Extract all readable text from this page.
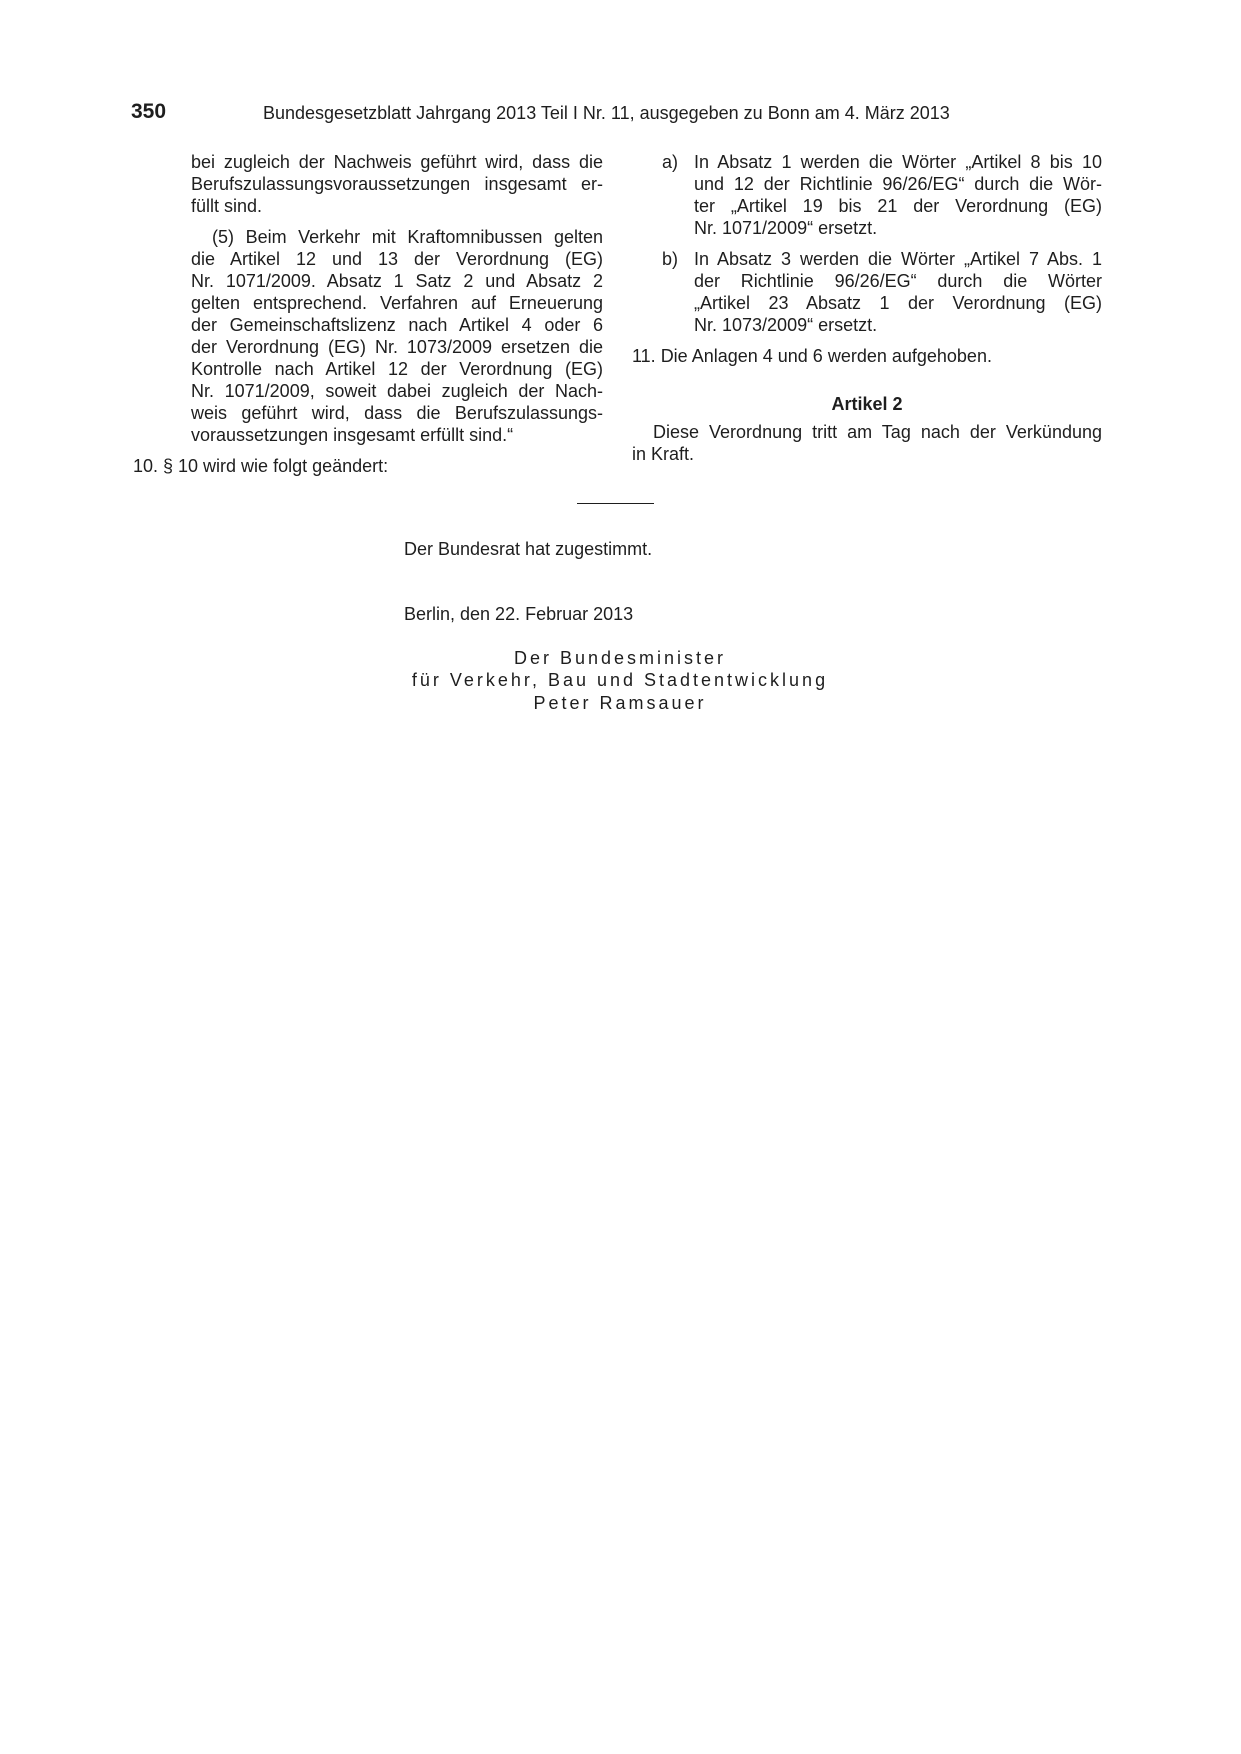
350	Bundesgesetzblatt Jahrgang 2013 Teil I Nr. 11, ausgegeben zu Bonn am 4. März 2013
bei zugleich der Nachweis geführt wird, dass die
Berufszulassungsvoraussetzungen insgesamt er-
füllt sind.
(5) Beim Verkehr mit Kraftomnibussen gelten
die Artikel 12 und 13 der Verordnung (EG)
Nr. 1071/2009. Absatz 1 Satz 2 und Absatz 2
gelten entsprechend. Verfahren auf Erneuerung
der Gemeinschaftslizenz nach Artikel 4 oder 6
der Verordnung (EG) Nr. 1073/2009 ersetzen die
Kontrolle nach Artikel 12 der Verordnung (EG)
Nr. 1071/2009, soweit dabei zugleich der Nach-
weis geführt wird, dass die Berufszulassungs-
voraussetzungen insgesamt erfüllt sind.“
10. § 10 wird wie folgt geändert:
a) In Absatz 1 werden die Wörter „Artikel 8 bis 10
und 12 der Richtlinie 96/26/EG“ durch die Wör-
ter „Artikel 19 bis 21 der Verordnung (EG)
Nr. 1071/2009“ ersetzt.
b) In Absatz 3 werden die Wörter „Artikel 7 Abs. 1
der Richtlinie 96/26/EG“ durch die Wörter
„Artikel 23 Absatz 1 der Verordnung (EG)
Nr. 1073/2009“ ersetzt.
11. Die Anlagen 4 und 6 werden aufgehoben.
Artikel 2
Diese Verordnung tritt am Tag nach der Verkündung
in Kraft.
Der Bundesrat hat zugestimmt.
Berlin, den 22. Februar 2013
Der Bundesminister
für Verkehr, Bau und Stadtentwicklung
Peter Ramsauer
